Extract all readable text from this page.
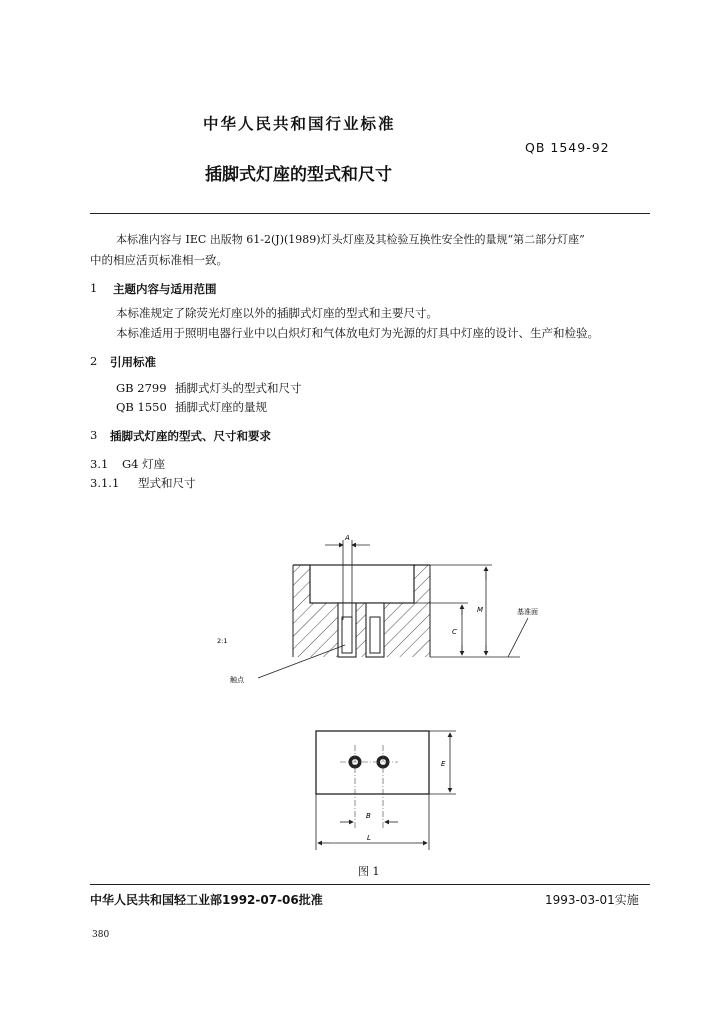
中华人民共和国行业标准
QB 1549-92
插脚式灯座的型式和尺寸
本标准内容与 IEC 出版物 61-2(J)(1989)灯头灯座及其检验互换性安全性的量规“第二部分灯座”
中的相应活页标准相一致。
1 主题内容与适用范围
本标准规定了除荧光灯座以外的插脚式灯座的型式和主要尺寸。
本标准适用于照明电器行业中以白炽灯和气体放电灯为光源的灯具中灯座的设计、生产和检验。
2 引用标准
GB 2799 插脚式灯头的型式和尺寸
QB 1550 插脚式灯座的量规
3 插脚式灯座的型式、尺寸和要求
3.1 G4 灯座
3.1.1 型式和尺寸
A
M
C
基准面
2:1
触点
E
B
L
图 1
中华人民共和国轻工业部1992-07-06批准	1993-03-01实施
380
